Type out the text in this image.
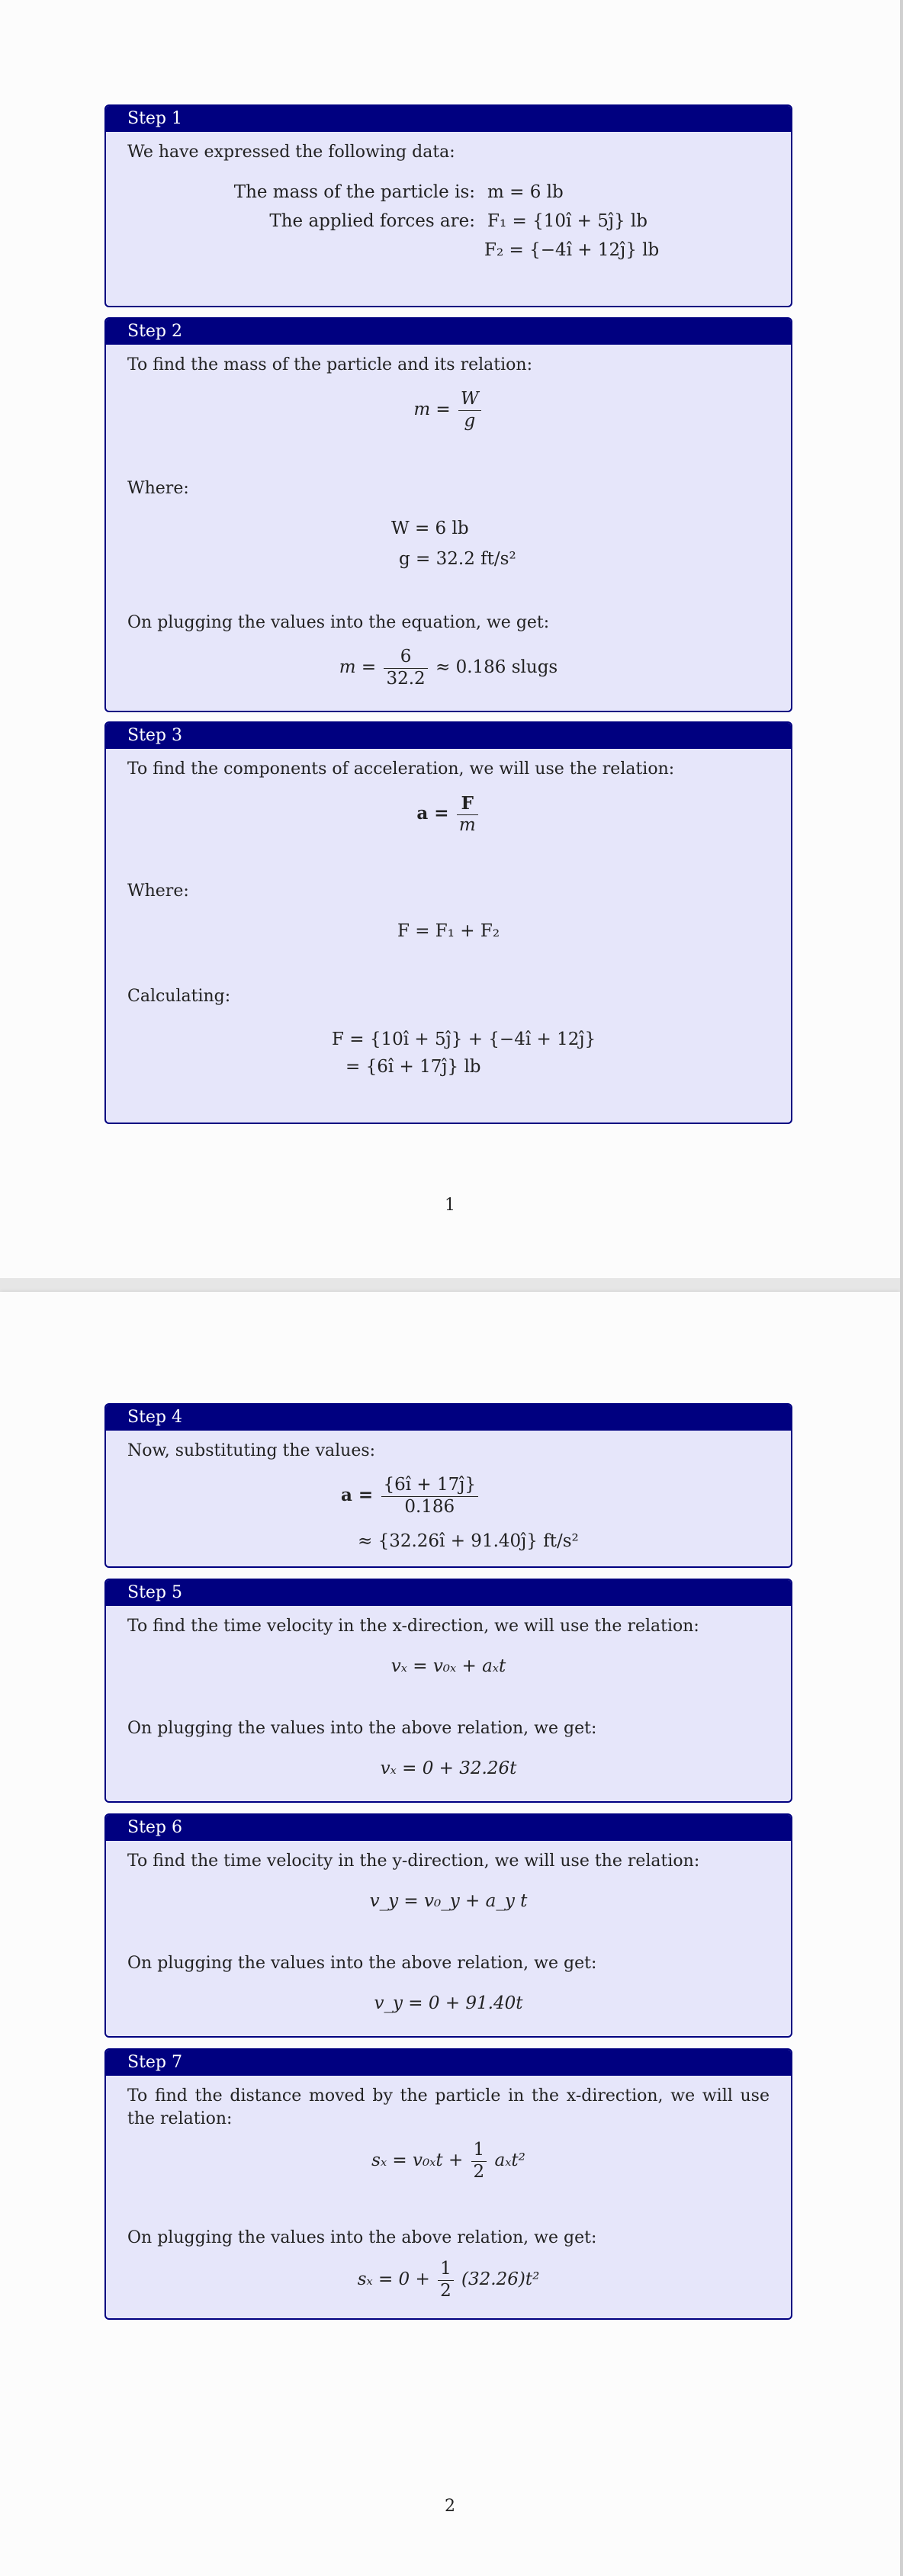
Step 1
We have expressed the following data:
The mass of the particle is: m = 6 lb
The applied forces are: F₁ = {10î + 5ĵ} lb
F₂ = {−4î + 12ĵ} lb
Step 2
To find the mass of the particle and its relation:
$m = \frac{W}{g}$
Where:
W = 6 lb
g = 32.2 ft/s²
On plugging the values into the equation, we get:
$m = \frac{6}{32.2} \approx 0.186$ slugs
Step 3
To find the components of acceleration, we will use the relation:
$a = \frac{F}{m}$
Where:
F = F₁ + F₂
Calculating:
F = {10î + 5ĵ} + {−4î + 12ĵ}
= {6î + 17ĵ} lb
1
Step 4
Now, substituting the values:
$a = \frac{\{6î + 17ĵ\}}{0.186}$
≈ {32.26î + 91.40ĵ} ft/s²
Step 5
To find the time velocity in the x-direction, we will use the relation:
vₓ = v₀ₓ + aₓt
On plugging the values into the above relation, we get:
vₓ = 0 + 32.26t
Step 6
To find the time velocity in the y-direction, we will use the relation:
v_y = v₀_y + a_y t
On plugging the values into the above relation, we get:
v_y = 0 + 91.40t
Step 7
To find the distance moved by the particle in the x-direction, we will use the relation:
$s_x = v_{0x}t + \frac{1}{2} a_xt^2$
On plugging the values into the above relation, we get:
$s_x = 0 + \frac{1}{2} (32.26)t^2$
2
